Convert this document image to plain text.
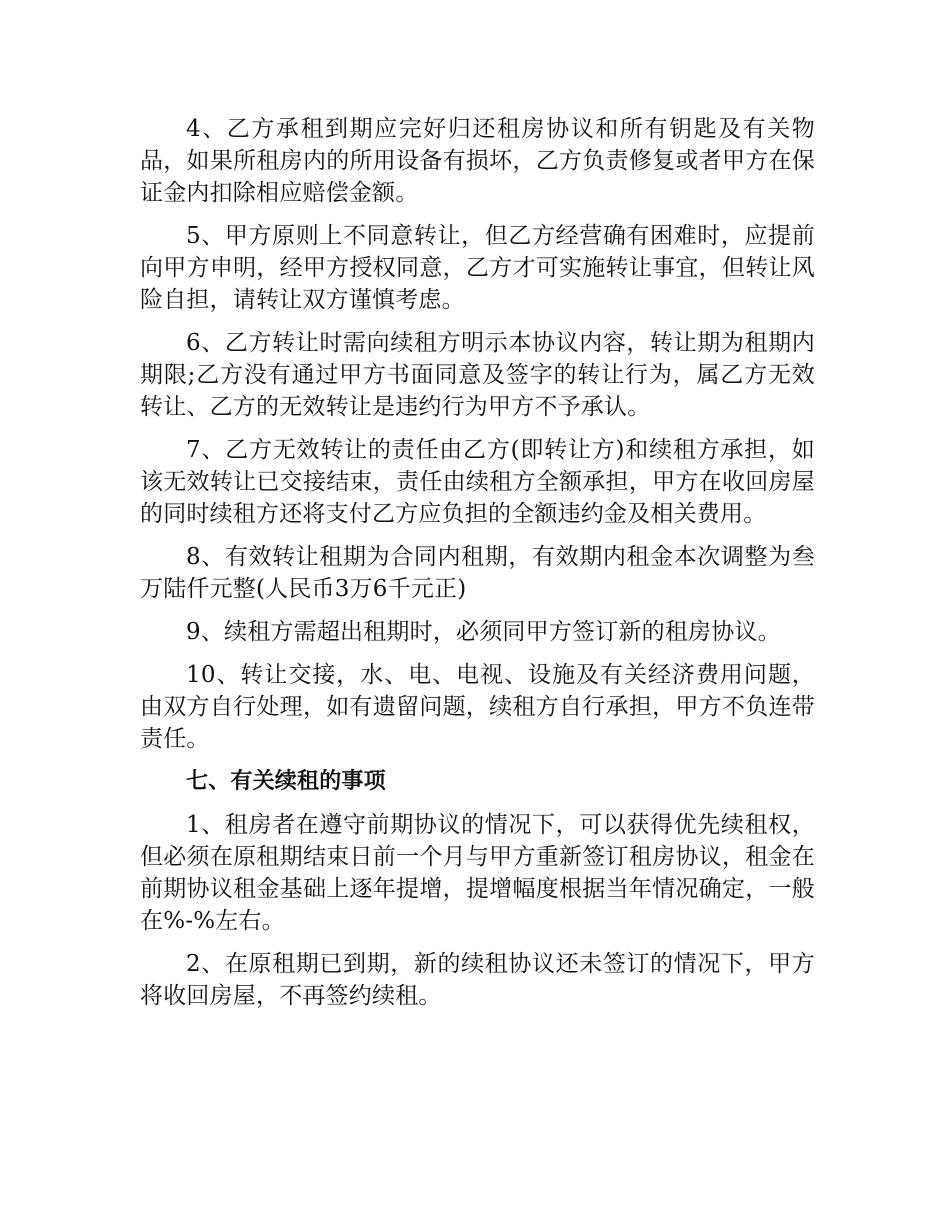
4、乙方承租到期应完好归还租房协议和所有钥匙及有关物品，如果所租房内的所用设备有损坏，乙方负责修复或者甲方在保证金内扣除相应赔偿金额。

5、甲方原则上不同意转让，但乙方经营确有困难时，应提前向甲方申明，经甲方授权同意，乙方才可实施转让事宜，但转让风险自担，请转让双方谨慎考虑。

6、乙方转让时需向续租方明示本协议内容，转让期为租期内期限;乙方没有通过甲方书面同意及签字的转让行为，属乙方无效转让、乙方的无效转让是违约行为甲方不予承认。

7、乙方无效转让的责任由乙方(即转让方)和续租方承担，如该无效转让已交接结束，责任由续租方全额承担，甲方在收回房屋的同时续租方还将支付乙方应负担的全额违约金及相关费用。

8、有效转让租期为合同内租期，有效期内租金本次调整为叁万陆仟元整(人民币3万6千元正)

9、续租方需超出租期时，必须同甲方签订新的租房协议。

10、转让交接，水、电、电视、设施及有关经济费用问题，由双方自行处理，如有遗留问题，续租方自行承担，甲方不负连带责任。

七、有关续租的事项

1、租房者在遵守前期协议的情况下，可以获得优先续租权，但必须在原租期结束日前一个月与甲方重新签订租房协议，租金在前期协议租金基础上逐年提增，提增幅度根据当年情况确定，一般在%-%左右。

2、在原租期已到期，新的续租协议还未签订的情况下，甲方将收回房屋，不再签约续租。
